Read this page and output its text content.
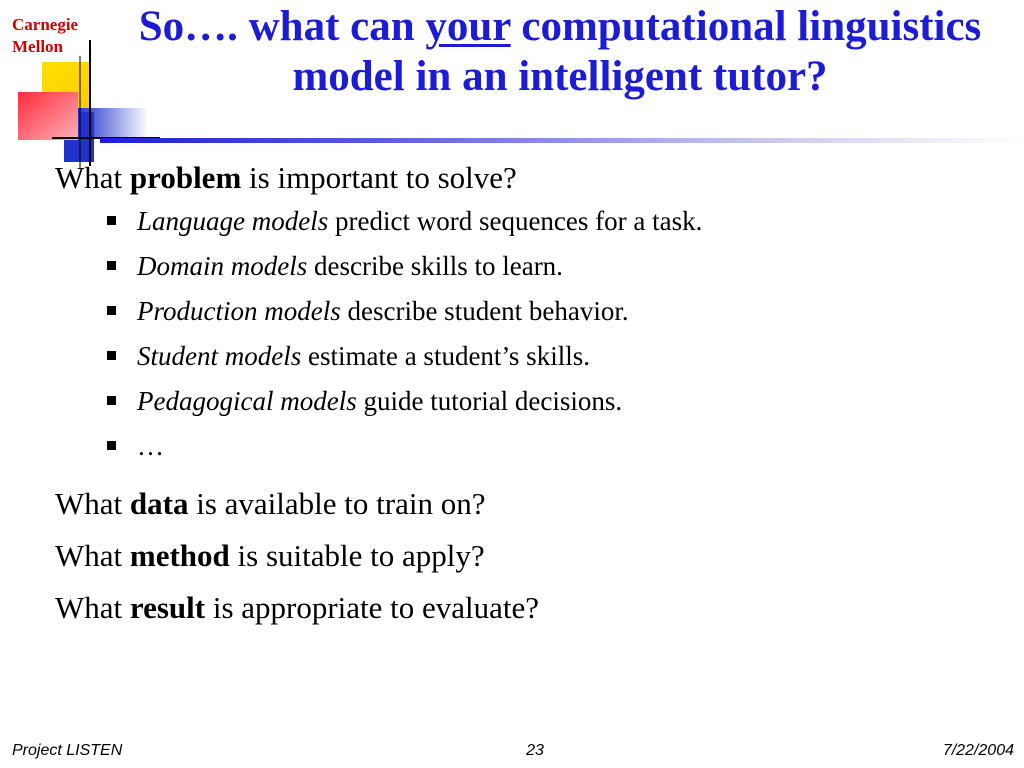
Carnegie
Mellon	So…. what can your computational linguistics model in an intelligent tutor?

What problem is important to solve?

Language models predict word sequences for a task.
Domain models describe skills to learn.
Production models describe student behavior.
Student models estimate a student’s skills.
Pedagogical models guide tutorial decisions.
…

What data is available to train on?

What method is suitable to apply?

What result is appropriate to evaluate?

Project LISTEN	23	7/22/2004
